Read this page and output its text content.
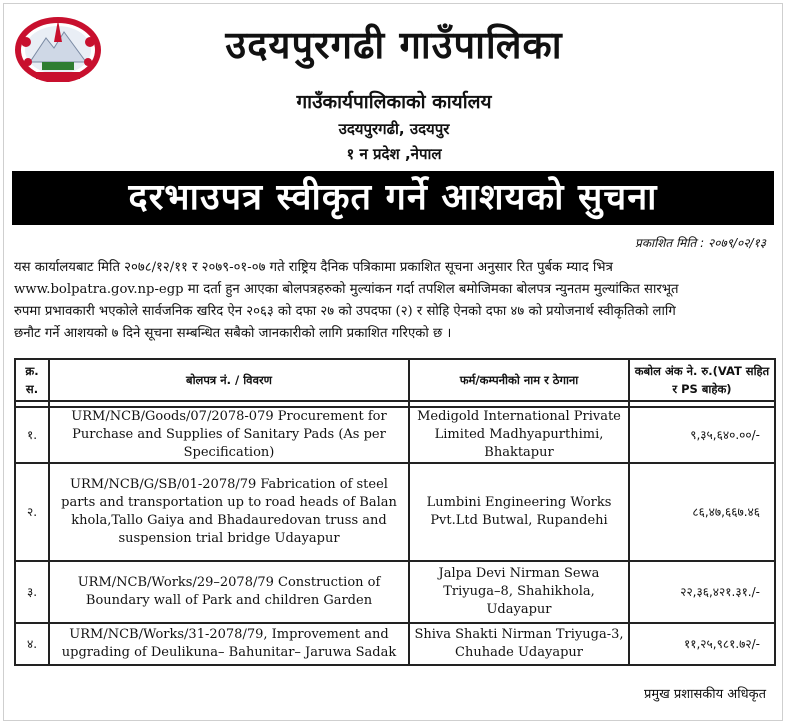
उदयपुरगढी गाउँपालिका
गाउँकार्यपालिकाको कार्यालय
उदयपुरगढी, उदयपुर
१ न प्रदेश ,नेपाल
दरभाउपत्र स्वीकृत गर्ने आशयको सुचना
प्रकाशित मिति : २०७९/०२/१३
यस कार्यालयबाट मिति २०७८/१२/११ र २०७९-०१-०७ गते राष्ट्रिय दैनिक पत्रिकामा प्रकाशित सूचना अनुसार रित पुर्बक म्याद भित्र
www.bolpatra.gov.np-egp मा दर्ता हुन आएका बोलपत्रहरुको मुल्यांकन गर्दा तपशिल बमोजिमका बोलपत्र न्युनतम मुल्यांकित सारभूत
रुपमा प्रभावकारी भएकोले सार्वजनिक खरिद ऐन २०६३ को दफा २७ को उपदफा (२) र सोहि ऐनको दफा ४७ को प्रयोजनार्थ स्वीकृतिको लागि
छनौट गर्ने आशयको ७ दिने सूचना सम्बन्धित सबैको जानकारीको लागि प्रकाशित गरिएको छ ।
क्र. स.	बोलपत्र नं. / विवरण	फर्म/कम्पनीको नाम र ठेगाना	कबोल अंक ने. रु.(VAT सहित र PS बाहेक)

१.	URM/NCB/Goods/07/2078-079 Procurement for Purchase and Supplies of Sanitary Pads (As per Specification)	Medigold International Private Limited Madhyapurthimi, Bhaktapur	९,३५,६४०.००/-
२.	URM/NCB/G/SB/01-2078/79 Fabrication of steel parts and transportation up to road heads of Balan khola,Tallo Gaiya and Bhadauredovan truss and suspension trial bridge Udayapur	Lumbini Engineering Works Pvt.Ltd Butwal, Rupandehi	८६,४७,६६७.४६
३.	URM/NCB/Works/29–2078/79 Construction of Boundary wall of Park and children Garden	Jalpa Devi Nirman Sewa Triyuga–8, Shahikhola, Udayapur	२२,३६,४२१.३१./-
४.	URM/NCB/Works/31-2078/79, Improvement and upgrading of Deulikuna– Bahunitar– Jaruwa Sadak	Shiva Shakti Nirman Triyuga-3, Chuhade Udayapur	११,२५,९८१.७२/-
प्रमुख प्रशासकीय अधिकृत
